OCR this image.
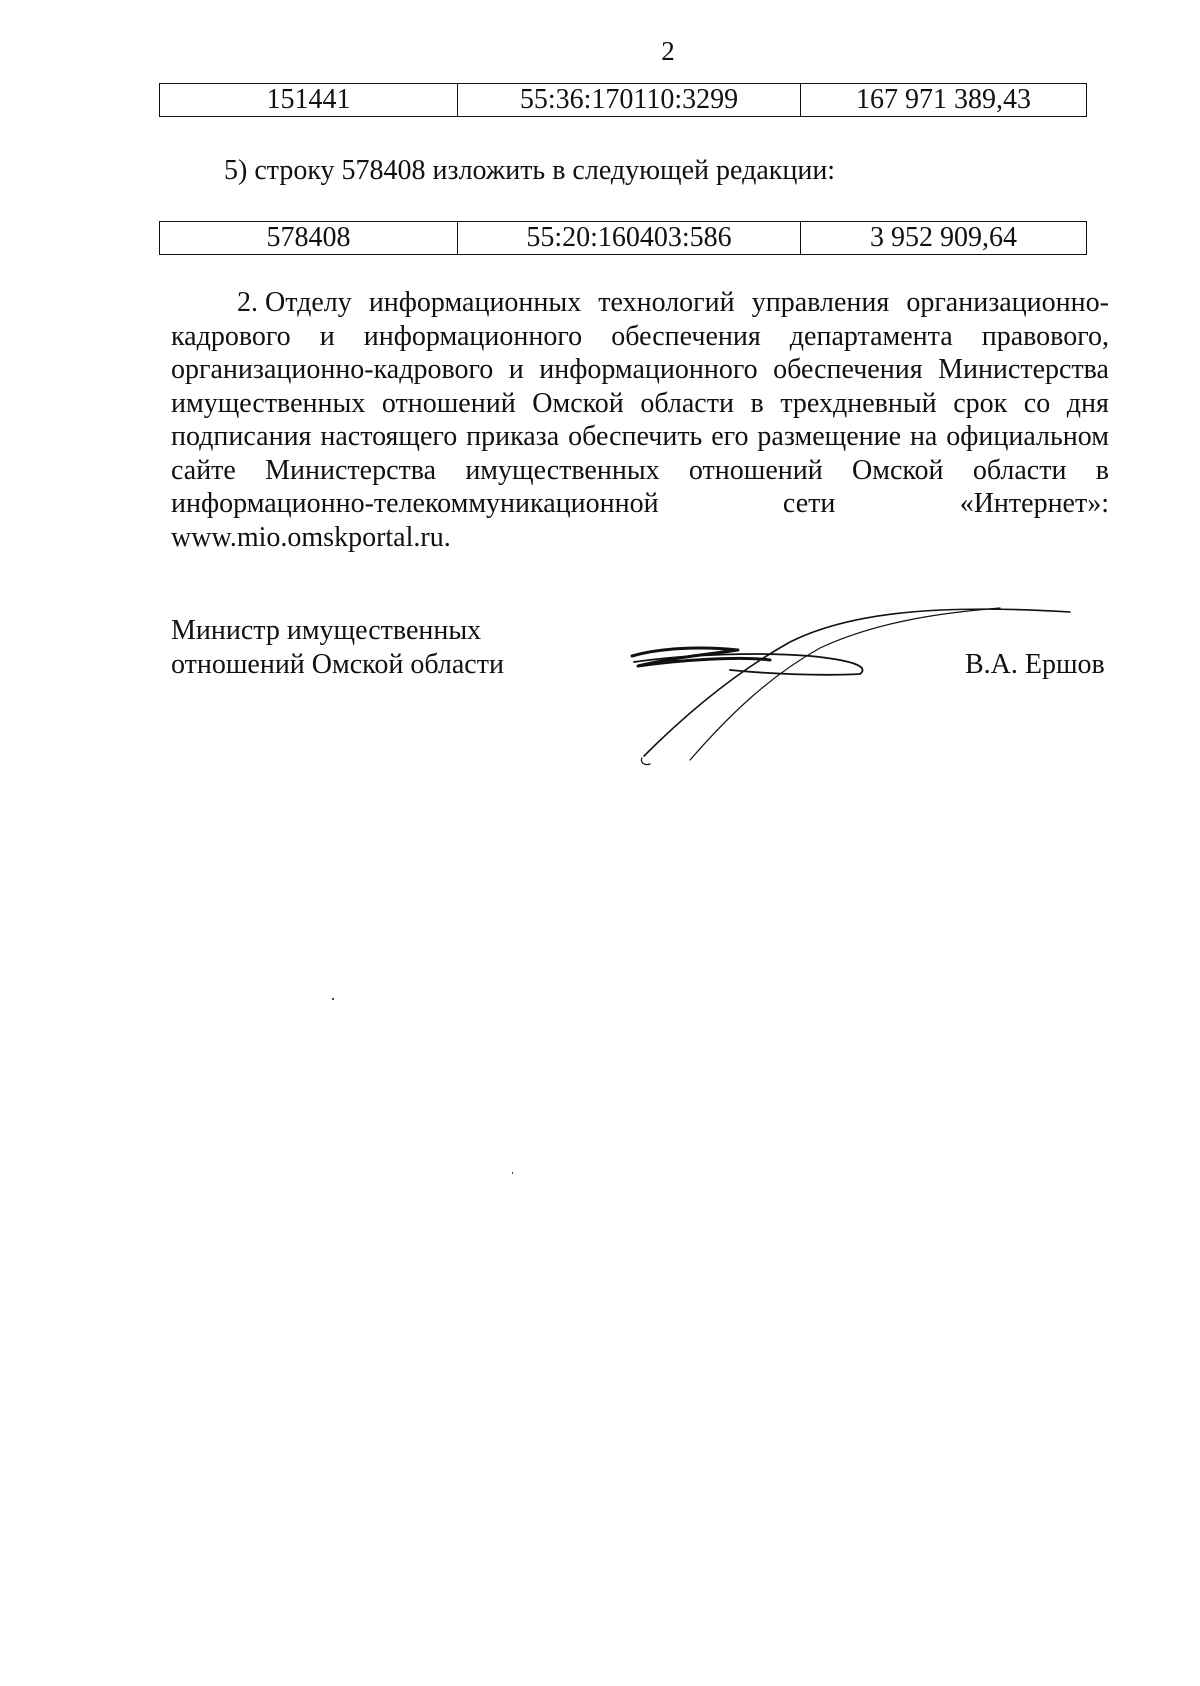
2
151441	55:36:170110:3299	167 971 389,43
5) строку 578408 изложить в следующей редакции:
578408	55:20:160403:586	3 952 909,64
2. Отделу информационных технологий управления организационно-
кадрового и информационного обеспечения департамента правового,
организационно-кадрового и информационного обеспечения Министерства
имущественных отношений Омской области в трехдневный срок со дня
подписания настоящего приказа обеспечить его размещение на официальном
сайте Министерства имущественных отношений Омской области в
информационно-телекоммуникационной	сети	«Интернет»:
www.mio.omskportal.ru.
Министр имущественных
отношений Омской области	В.А. Ершов
